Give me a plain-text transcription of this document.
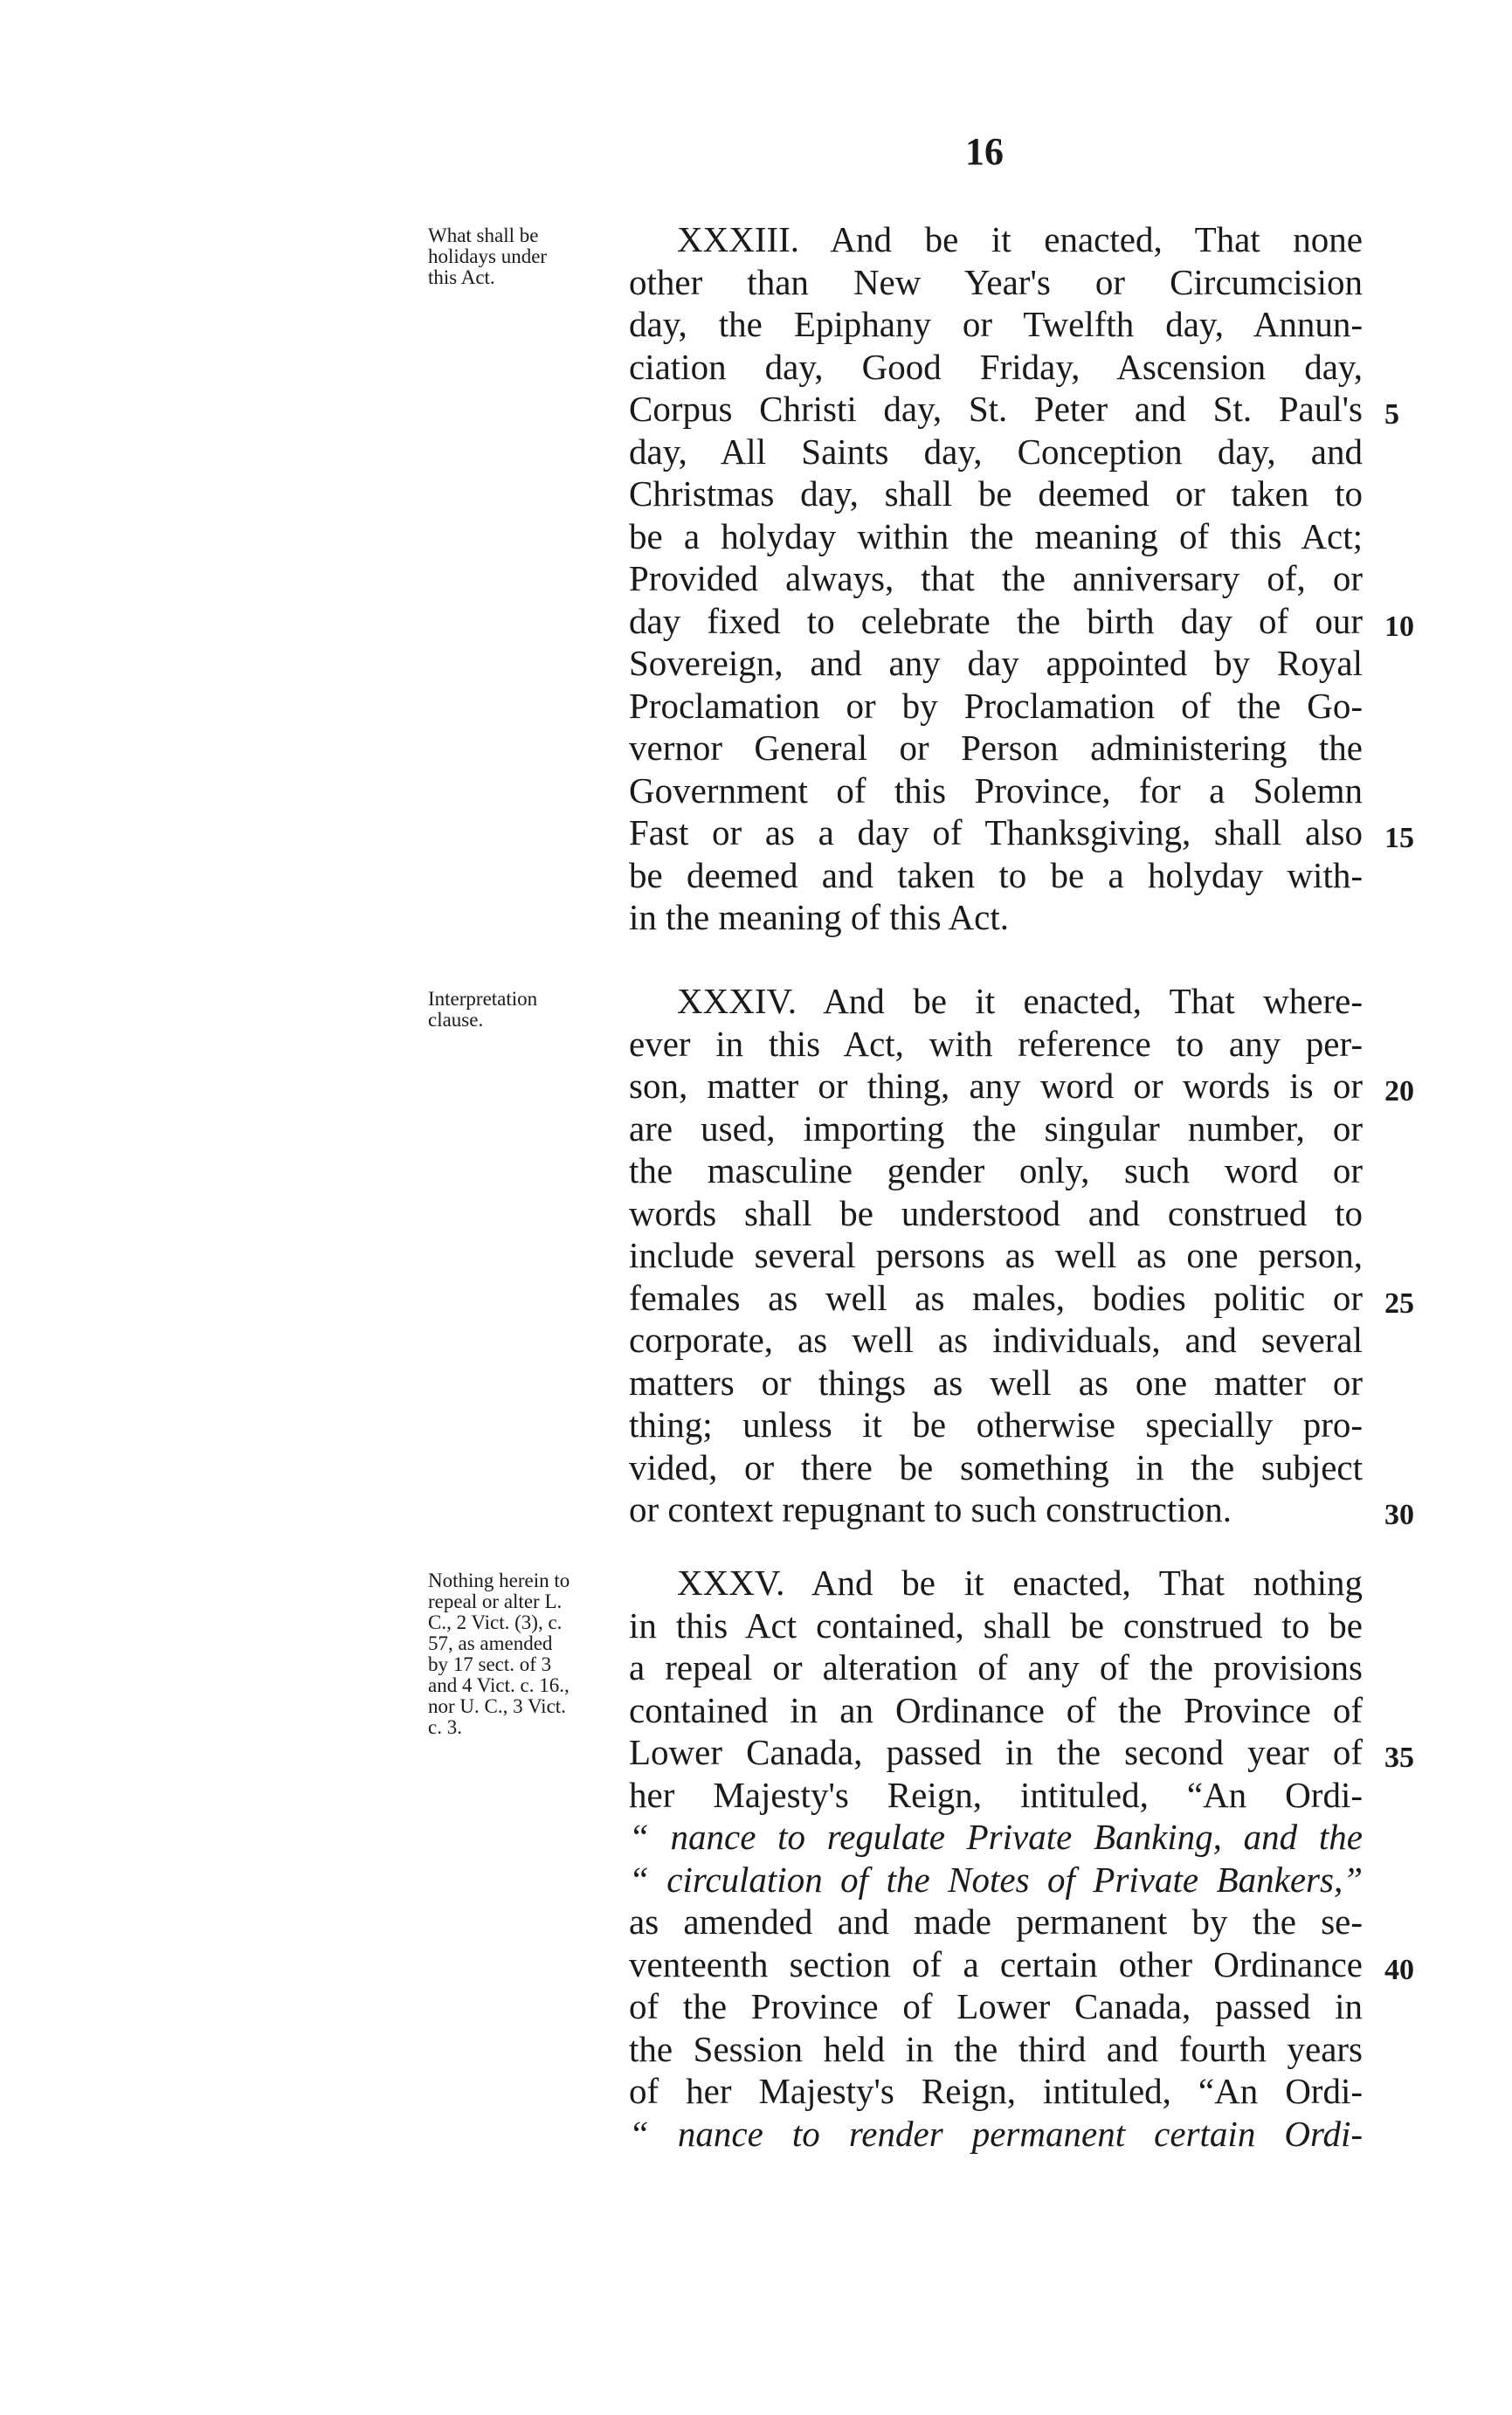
16
What shall be holidays under this Act.
XXXIII. And be it enacted, That none
other than New Year's or Circumcision
day, the Epiphany or Twelfth day, Annun-
ciation day, Good Friday, Ascension day,
Corpus Christi day, St. Peter and St. Paul's
day, All Saints day, Conception day, and
Christmas day, shall be deemed or taken to
be a holyday within the meaning of this Act;
Provided always, that the anniversary of, or
day fixed to celebrate the birth day of our
Sovereign, and any day appointed by Royal
Proclamation or by Proclamation of the Go-
vernor General or Person administering the
Government of this Province, for a Solemn
Fast or as a day of Thanksgiving, shall also
be deemed and taken to be a holyday with-
in the meaning of this Act.
5
10
15
Interpretation clause.	XXXIV. And be it enacted, That where-
ever in this Act, with reference to any per-
son, matter or thing, any word or words is or
are used, importing the singular number, or
the masculine gender only, such word or
words shall be understood and construed to
include several persons as well as one person,
females as well as males, bodies politic or
corporate, as well as individuals, and several
matters or things as well as one matter or
thing; unless it be otherwise specially pro-
vided, or there be something in the subject
or context repugnant to such construction.
20
25
30
Nothing herein to repeal or alter L. C., 2 Vict. (3), c. 57, as amended by 17 sect. of 3 and 4 Vict. c. 16., nor U. C., 3 Vict. c. 3.
XXXV. And be it enacted, That nothing
in this Act contained, shall be construed to be
a repeal or alteration of any of the provisions
contained in an Ordinance of the Province of
Lower Canada, passed in the second year of
her Majesty's Reign, intituled, “An Ordi-
“ nance to regulate Private Banking, and the
“ circulation of the Notes of Private Bankers,”
as amended and made permanent by the se-
venteenth section of a certain other Ordinance
of the Province of Lower Canada, passed in
the Session held in the third and fourth years
of her Majesty's Reign, intituled, “An Ordi-
“ nance to render permanent certain Ordi-
35
40
